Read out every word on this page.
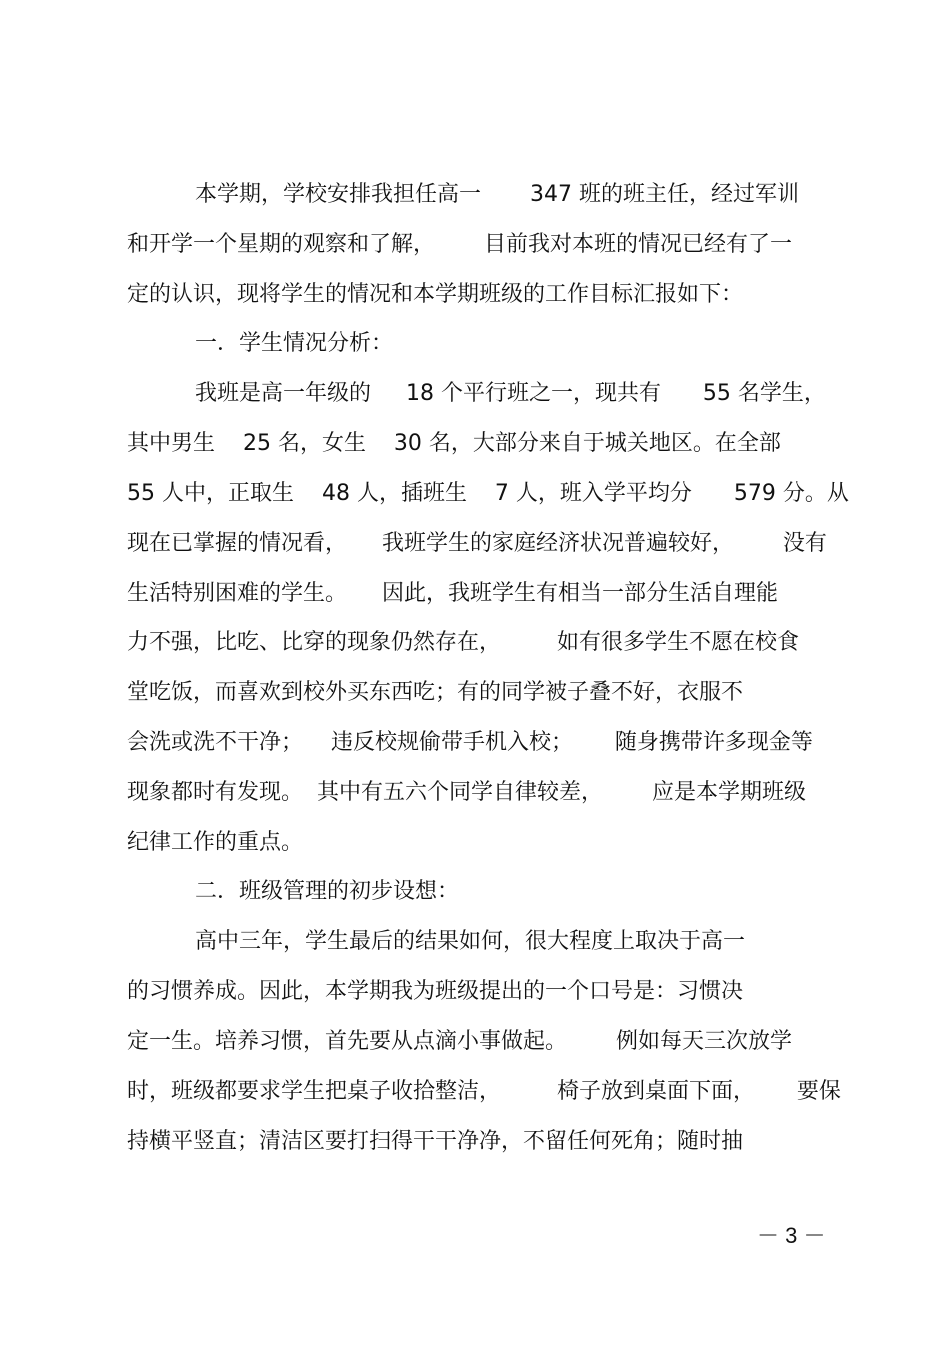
本学期，学校安排我担任高一       347 班的班主任，经过军训
和开学一个星期的观察和了解，       目前我对本班的情况已经有了一
定的认识，现将学生的情况和本学期班级的工作目标汇报如下：
一．学生情况分析：
我班是高一年级的     18 个平行班之一，现共有      55 名学生，
其中男生    25 名，女生    30 名，大部分来自于城关地区。在全部
55 人中，正取生    48 人，插班生    7 人，班入学平均分      579 分。从
现在已掌握的情况看，     我班学生的家庭经济状况普遍较好，       没有
生活特别困难的学生。     因此，我班学生有相当一部分生活自理能
力不强，比吃、比穿的现象仍然存在，        如有很多学生不愿在校食
堂吃饭，而喜欢到校外买东西吃；有的同学被子叠不好，衣服不
会洗或洗不干净；    违反校规偷带手机入校；      随身携带许多现金等
现象都时有发现。  其中有五六个同学自律较差，       应是本学期班级
纪律工作的重点。
二．班级管理的初步设想：
高中三年，学生最后的结果如何，很大程度上取决于高一
的习惯养成。因此，本学期我为班级提出的一个口号是：习惯决
定一生。培养习惯，首先要从点滴小事做起。       例如每天三次放学
时，班级都要求学生把桌子收拾整洁，        椅子放到桌面下面，      要保
持横平竖直；清洁区要打扫得干干净净，不留任何死角；随时抽
－ 3 －
